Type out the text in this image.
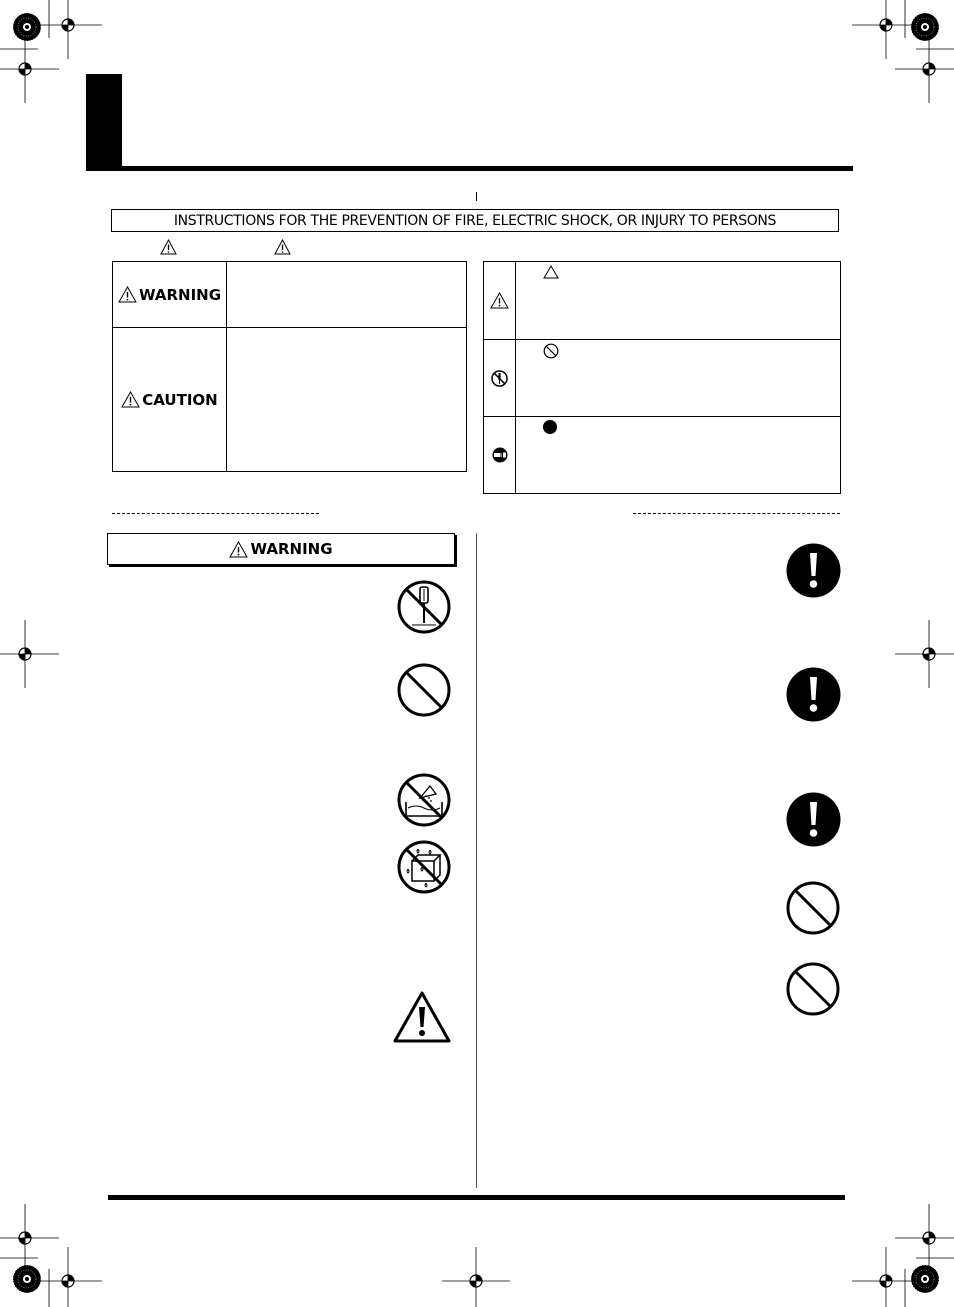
INSTRUCTIONS FOR THE PREVENTION OF FIRE, ELECTRIC SHOCK, OR INJURY TO PERSONS
WARNING	

CAUTION	

WARNING
